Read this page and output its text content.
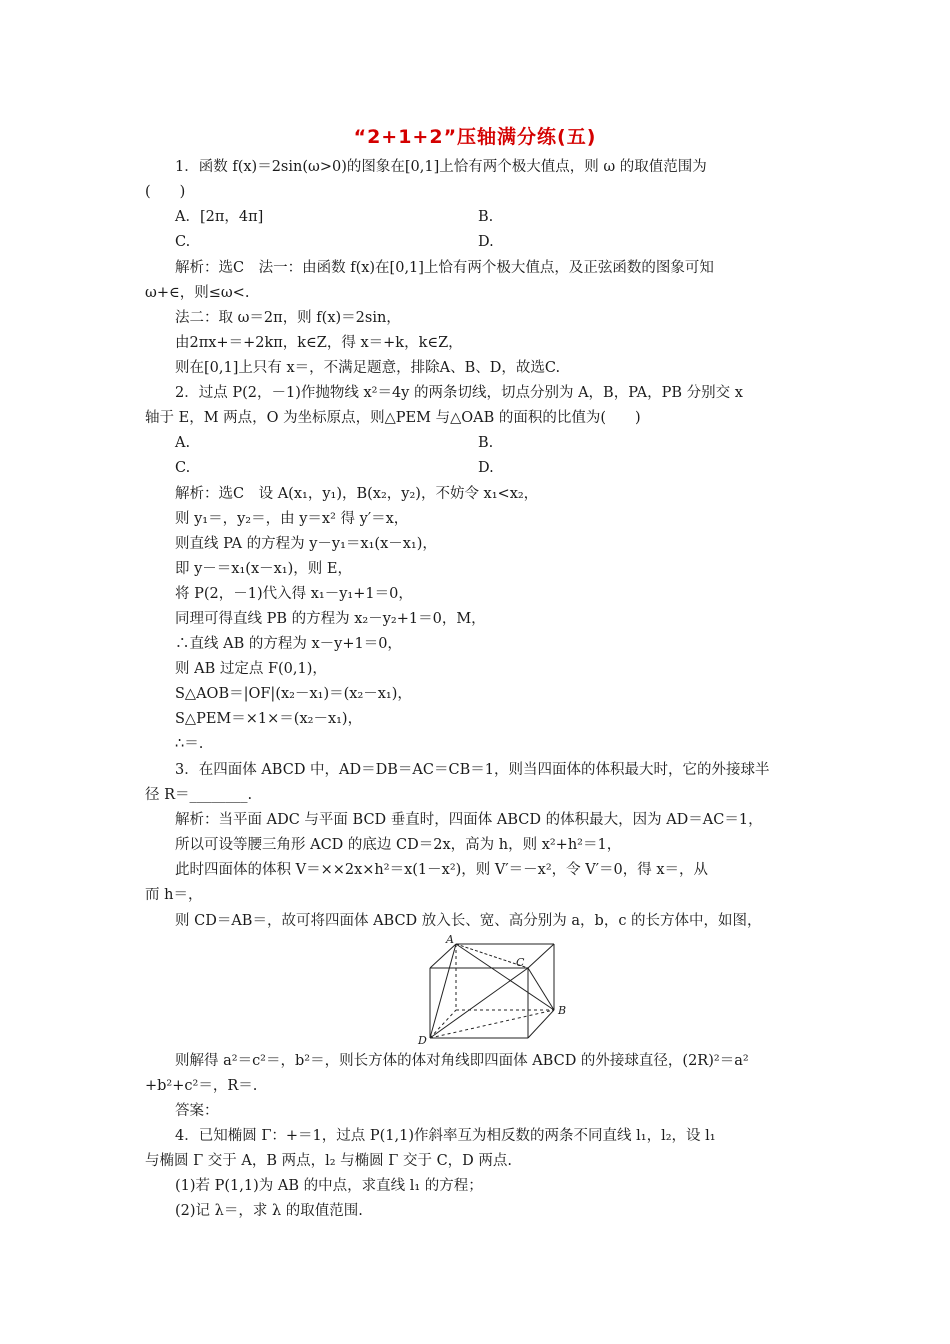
“2+1+2”压轴满分练(五)
1．函数 f(x)＝2sin(ω>0)的图象在[0,1]上恰有两个极大值点，则 ω 的取值范围为
(　　)
A．[2π，4π]	B.
C.	D.
解析：选C　法一：由函数 f(x)在[0,1]上恰有两个极大值点，及正弦函数的图象可知
ω+∈，则≤ω<.
法二：取 ω＝2π，则 f(x)＝2sin，
由2πx+＝+2kπ，k∈Z，得 x＝+k，k∈Z，
则在[0,1]上只有 x＝，不满足题意，排除A、B、D，故选C.
2．过点 P(2，－1)作抛物线 x²＝4y 的两条切线，切点分别为 A，B，PA，PB 分别交 x
轴于 E，M 两点，O 为坐标原点，则△PEM 与△OAB 的面积的比值为(　　)
A.	B.
C.	D.
解析：选C　设 A(x₁，y₁)，B(x₂，y₂)，不妨令 x₁<x₂，
则 y₁＝，y₂＝，由 y＝x² 得 y′＝x，
则直线 PA 的方程为 y－y₁＝x₁(x－x₁)，
即 y－＝x₁(x－x₁)，则 E，
将 P(2，－1)代入得 x₁－y₁+1＝0，
同理可得直线 PB 的方程为 x₂－y₂+1＝0，M，
∴直线 AB 的方程为 x－y+1＝0，
则 AB 过定点 F(0,1)，
S△AOB＝|OF|(x₂－x₁)＝(x₂－x₁)，
S△PEM＝×1×＝(x₂－x₁)，
∴＝.
3．在四面体 ABCD 中，AD＝DB＝AC＝CB＝1，则当四面体的体积最大时，它的外接球半
径 R＝________.
解析：当平面 ADC 与平面 BCD 垂直时，四面体 ABCD 的体积最大，因为 AD＝AC＝1，
所以可设等腰三角形 ACD 的底边 CD＝2x，高为 h，则 x²+h²＝1，
此时四面体的体积 V＝××2x×h²＝x(1－x²)，则 V′＝－x²，令 V′＝0，得 x＝，从
而 h＝，
则 CD＝AB＝，故可将四面体 ABCD 放入长、宽、高分别为 a，b，c 的长方体中，如图，
A
B
C
D
则解得 a²＝c²＝，b²＝，则长方体的体对角线即四面体 ABCD 的外接球直径，(2R)²＝a²
+b²+c²＝，R＝.
答案：
4．已知椭圆 Γ：+＝1，过点 P(1,1)作斜率互为相反数的两条不同直线 l₁，l₂，设 l₁
与椭圆 Γ 交于 A，B 两点，l₂ 与椭圆 Γ 交于 C，D 两点.
(1)若 P(1,1)为 AB 的中点，求直线 l₁ 的方程；
(2)记 λ＝，求 λ 的取值范围.
